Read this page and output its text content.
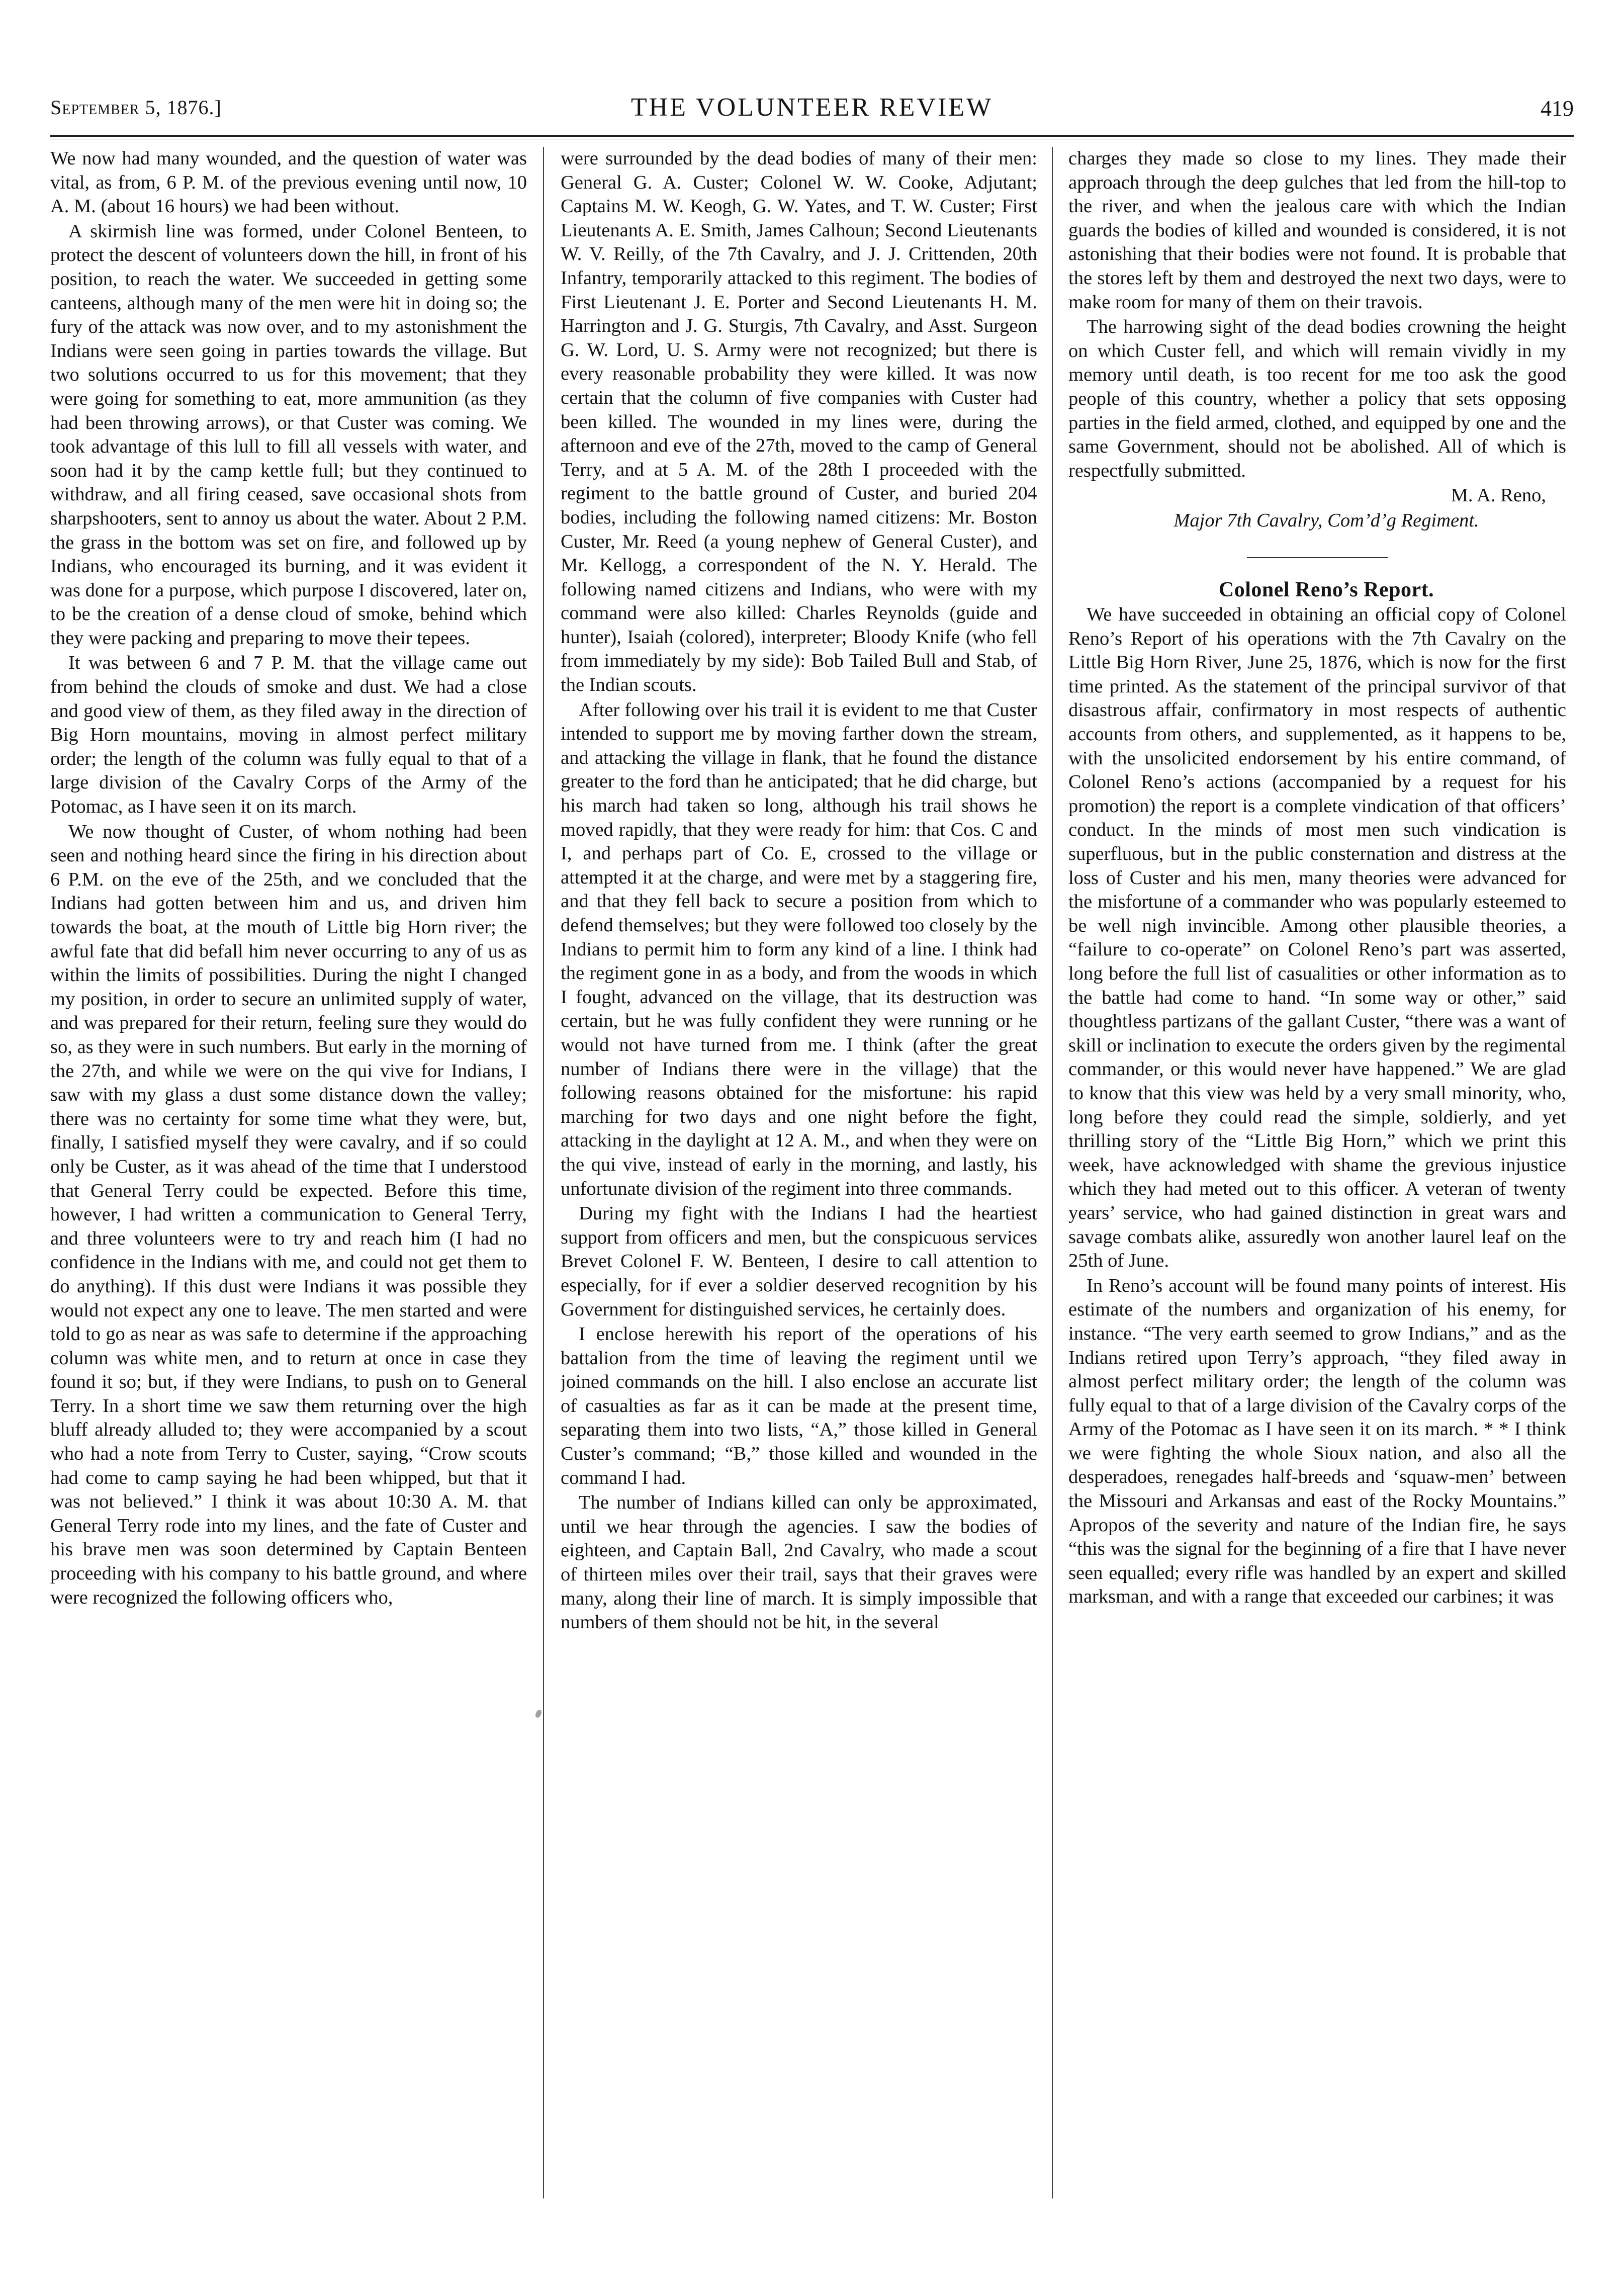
September 5, 1876.]	THE VOLUNTEER REVIEW	419

We now had many wounded, and the question of water was vital, as from, 6 P. M. of the previous evening until now, 10 A. M. (about 16 hours) we had been without.

A skirmish line was formed, under Colonel Benteen, to protect the descent of volunteers down the hill, in front of his position, to reach the water. We succeeded in getting some canteens, although many of the men were hit in doing so; the fury of the attack was now over, and to my astonishment the Indians were seen going in parties towards the village. But two solutions occurred to us for this movement; that they were going for something to eat, more ammunition (as they had been throwing arrows), or that Custer was coming. We took advantage of this lull to fill all vessels with water, and soon had it by the camp kettle full; but they continued to withdraw, and all firing ceased, save occasional shots from sharpshooters, sent to annoy us about the water. About 2 P.M. the grass in the bottom was set on fire, and followed up by Indians, who encouraged its burning, and it was evident it was done for a purpose, which purpose I discovered, later on, to be the creation of a dense cloud of smoke, behind which they were packing and preparing to move their tepees.

It was between 6 and 7 P. M. that the village came out from behind the clouds of smoke and dust. We had a close and good view of them, as they filed away in the direction of Big Horn mountains, moving in almost perfect military order; the length of the column was fully equal to that of a large division of the Cavalry Corps of the Army of the Potomac, as I have seen it on its march.

We now thought of Custer, of whom nothing had been seen and nothing heard since the firing in his direction about 6 P.M. on the eve of the 25th, and we concluded that the Indians had gotten between him and us, and driven him towards the boat, at the mouth of Little big Horn river; the awful fate that did befall him never occurring to any of us as within the limits of possibilities. During the night I changed my position, in order to secure an unlimited supply of water, and was prepared for their return, feeling sure they would do so, as they were in such numbers. But early in the morning of the 27th, and while we were on the qui vive for Indians, I saw with my glass a dust some distance down the valley; there was no certainty for some time what they were, but, finally, I satisfied myself they were cavalry, and if so could only be Custer, as it was ahead of the time that I understood that General Terry could be expected. Before this time, however, I had written a communication to General Terry, and three volunteers were to try and reach him (I had no confidence in the Indians with me, and could not get them to do anything). If this dust were Indians it was possible they would not expect any one to leave. The men started and were told to go as near as was safe to determine if the approaching column was white men, and to return at once in case they found it so; but, if they were Indians, to push on to General Terry. In a short time we saw them returning over the high bluff already alluded to; they were accompanied by a scout who had a note from Terry to Custer, saying, “Crow scouts had come to camp saying he had been whipped, but that it was not believed.” I think it was about 10:30 A. M. that General Terry rode into my lines, and the fate of Custer and his brave men was soon determined by Captain Benteen proceeding with his company to his battle ground, and where were recognized the following officers who,

were surrounded by the dead bodies of many of their men: General G. A. Custer; Colonel W. W. Cooke, Adjutant; Captains M. W. Keogh, G. W. Yates, and T. W. Custer; First Lieutenants A. E. Smith, James Calhoun; Second Lieutenants W. V. Reilly, of the 7th Cavalry, and J. J. Crittenden, 20th Infantry, temporarily attacked to this regiment. The bodies of First Lieutenant J. E. Porter and Second Lieutenants H. M. Harrington and J. G. Sturgis, 7th Cavalry, and Asst. Surgeon G. W. Lord, U. S. Army were not recognized; but there is every reasonable probability they were killed. It was now certain that the column of five companies with Custer had been killed. The wounded in my lines were, during the afternoon and eve of the 27th, moved to the camp of General Terry, and at 5 A. M. of the 28th I proceeded with the regiment to the battle ground of Custer, and buried 204 bodies, including the following named citizens: Mr. Boston Custer, Mr. Reed (a young nephew of General Custer), and Mr. Kellogg, a correspondent of the N. Y. Herald. The following named citizens and Indians, who were with my command were also killed: Charles Reynolds (guide and hunter), Isaiah (colored), interpreter; Bloody Knife (who fell from immediately by my side): Bob Tailed Bull and Stab, of the Indian scouts.

After following over his trail it is evident to me that Custer intended to support me by moving farther down the stream, and attacking the village in flank, that he found the distance greater to the ford than he anticipated; that he did charge, but his march had taken so long, although his trail shows he moved rapidly, that they were ready for him: that Cos. C and I, and perhaps part of Co. E, crossed to the village or attempted it at the charge, and were met by a staggering fire, and that they fell back to secure a position from which to defend themselves; but they were followed too closely by the Indians to permit him to form any kind of a line. I think had the regiment gone in as a body, and from the woods in which I fought, advanced on the village, that its destruction was certain, but he was fully confident they were running or he would not have turned from me. I think (after the great number of Indians there were in the village) that the following reasons obtained for the misfortune: his rapid marching for two days and one night before the fight, attacking in the daylight at 12 A. M., and when they were on the qui vive, instead of early in the morning, and lastly, his unfortunate division of the regiment into three commands.

During my fight with the Indians I had the heartiest support from officers and men, but the conspicuous services Brevet Colonel F. W. Benteen, I desire to call attention to especially, for if ever a soldier deserved recognition by his Government for distinguished services, he certainly does.

I enclose herewith his report of the operations of his battalion from the time of leaving the regiment until we joined commands on the hill. I also enclose an accurate list of casualties as far as it can be made at the present time, separating them into two lists, “A,” those killed in General Custer’s command; “B,” those killed and wounded in the command I had.

The number of Indians killed can only be approximated, until we hear through the agencies. I saw the bodies of eighteen, and Captain Ball, 2nd Cavalry, who made a scout of thirteen miles over their trail, says that their graves were many, along their line of march. It is simply impossible that numbers of them should not be hit, in the several

charges they made so close to my lines. They made their approach through the deep gulches that led from the hill-top to the river, and when the jealous care with which the Indian guards the bodies of killed and wounded is considered, it is not astonishing that their bodies were not found. It is probable that the stores left by them and destroyed the next two days, were to make room for many of them on their travois.

The harrowing sight of the dead bodies crowning the height on which Custer fell, and which will remain vividly in my memory until death, is too recent for me too ask the good people of this country, whether a policy that sets opposing parties in the field armed, clothed, and equipped by one and the same Government, should not be abolished. All of which is respectfully submitted.

M. A. Reno,

Major 7th Cavalry, Com’d’g Regiment.

Colonel Reno’s Report.

We have succeeded in obtaining an official copy of Colonel Reno’s Report of his operations with the 7th Cavalry on the Little Big Horn River, June 25, 1876, which is now for the first time printed. As the statement of the principal survivor of that disastrous affair, confirmatory in most respects of authentic accounts from others, and supplemented, as it happens to be, with the unsolicited endorsement by his entire command, of Colonel Reno’s actions (accompanied by a request for his promotion) the report is a complete vindication of that officers’ conduct. In the minds of most men such vindication is superfluous, but in the public consternation and distress at the loss of Custer and his men, many theories were advanced for the misfortune of a commander who was popularly esteemed to be well nigh invincible. Among other plausible theories, a “failure to co-operate” on Colonel Reno’s part was asserted, long before the full list of casualities or other information as to the battle had come to hand. “In some way or other,” said thoughtless partizans of the gallant Custer, “there was a want of skill or inclination to execute the orders given by the regimental commander, or this would never have happened.” We are glad to know that this view was held by a very small minority, who, long before they could read the simple, soldierly, and yet thrilling story of the “Little Big Horn,” which we print this week, have acknowledged with shame the grevious injustice which they had meted out to this officer. A veteran of twenty years’ service, who had gained distinction in great wars and savage combats alike, assuredly won another laurel leaf on the 25th of June.

In Reno’s account will be found many points of interest. His estimate of the numbers and organization of his enemy, for instance. “The very earth seemed to grow Indians,” and as the Indians retired upon Terry’s approach, “they filed away in almost perfect military order; the length of the column was fully equal to that of a large division of the Cavalry corps of the Army of the Potomac as I have seen it on its march. * * I think we were fighting the whole Sioux nation, and also all the desperadoes, renegades half-breeds and ‘squaw-men’ between the Missouri and Arkansas and east of the Rocky Mountains.” Apropos of the severity and nature of the Indian fire, he says “this was the signal for the beginning of a fire that I have never seen equalled; every rifle was handled by an expert and skilled marksman, and with a range that exceeded our carbines; it was
